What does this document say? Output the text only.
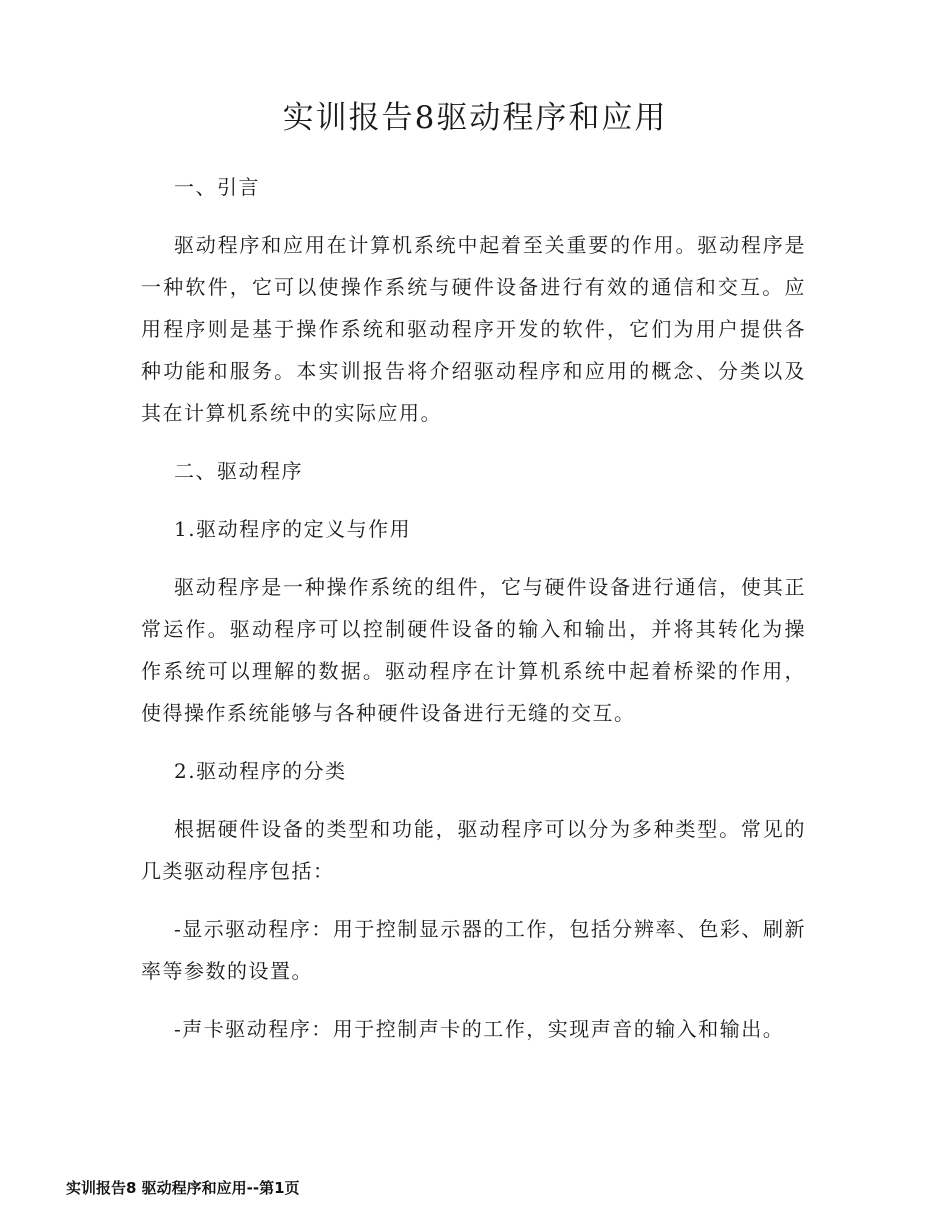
实训报告8驱动程序和应用

一、引言

驱动程序和应用在计算机系统中起着至关重要的作用。驱动程序是一种软件，它可以使操作系统与硬件设备进行有效的通信和交互。应用程序则是基于操作系统和驱动程序开发的软件，它们为用户提供各种功能和服务。本实训报告将介绍驱动程序和应用的概念、分类以及其在计算机系统中的实际应用。

二、驱动程序

1.驱动程序的定义与作用

驱动程序是一种操作系统的组件，它与硬件设备进行通信，使其正常运作。驱动程序可以控制硬件设备的输入和输出，并将其转化为操作系统可以理解的数据。驱动程序在计算机系统中起着桥梁的作用，使得操作系统能够与各种硬件设备进行无缝的交互。

2.驱动程序的分类

根据硬件设备的类型和功能，驱动程序可以分为多种类型。常见的几类驱动程序包括：

-显示驱动程序：用于控制显示器的工作，包括分辨率、色彩、刷新率等参数的设置。

-声卡驱动程序：用于控制声卡的工作，实现声音的输入和输出。

实训报告8 驱动程序和应用--第1页
